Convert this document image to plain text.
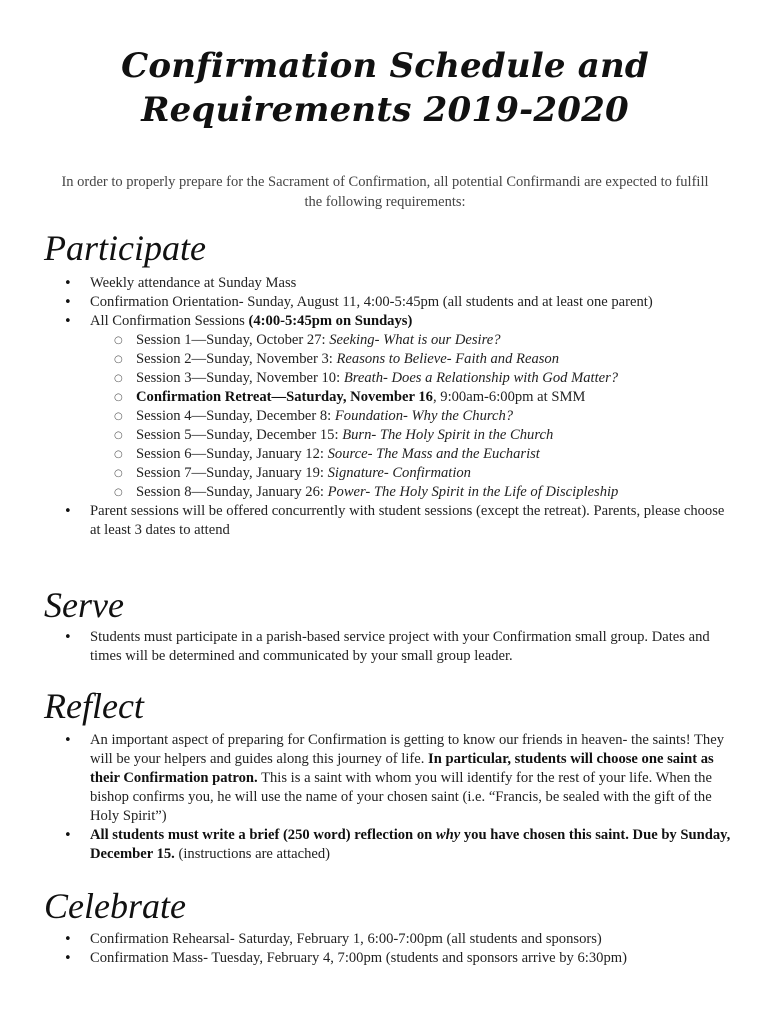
Confirmation Schedule and
Requirements 2019-2020
In order to properly prepare for the Sacrament of Confirmation, all potential Confirmandi are expected to fulfill
the following requirements:
Participate
• Weekly attendance at Sunday Mass
• Confirmation Orientation- Sunday, August 11, 4:00-5:45pm (all students and at least one parent)
• All Confirmation Sessions (4:00-5:45pm on Sundays)
○ Session 1—Sunday, October 27: Seeking- What is our Desire?
○ Session 2—Sunday, November 3: Reasons to Believe- Faith and Reason
○ Session 3—Sunday, November 10: Breath- Does a Relationship with God Matter?
○ Confirmation Retreat—Saturday, November 16, 9:00am-6:00pm at SMM
○ Session 4—Sunday, December 8: Foundation- Why the Church?
○ Session 5—Sunday, December 15: Burn- The Holy Spirit in the Church
○ Session 6—Sunday, January 12: Source- The Mass and the Eucharist
○ Session 7—Sunday, January 19: Signature- Confirmation
○ Session 8—Sunday, January 26: Power- The Holy Spirit in the Life of Discipleship
• Parent sessions will be offered concurrently with student sessions (except the retreat). Parents, please choose at least 3 dates to attend
Serve
• Students must participate in a parish-based service project with your Confirmation small group. Dates and times will be determined and communicated by your small group leader.
Reflect
• An important aspect of preparing for Confirmation is getting to know our friends in heaven- the saints! They will be your helpers and guides along this journey of life. In particular, students will choose one saint as their Confirmation patron. This is a saint with whom you will identify for the rest of your life. When the bishop confirms you, he will use the name of your chosen saint (i.e. “Francis, be sealed with the gift of the Holy Spirit”)
• All students must write a brief (250 word) reflection on why you have chosen this saint. Due by Sunday, December 15. (instructions are attached)
Celebrate
• Confirmation Rehearsal- Saturday, February 1, 6:00-7:00pm (all students and sponsors)
• Confirmation Mass- Tuesday, February 4, 7:00pm (students and sponsors arrive by 6:30pm)
